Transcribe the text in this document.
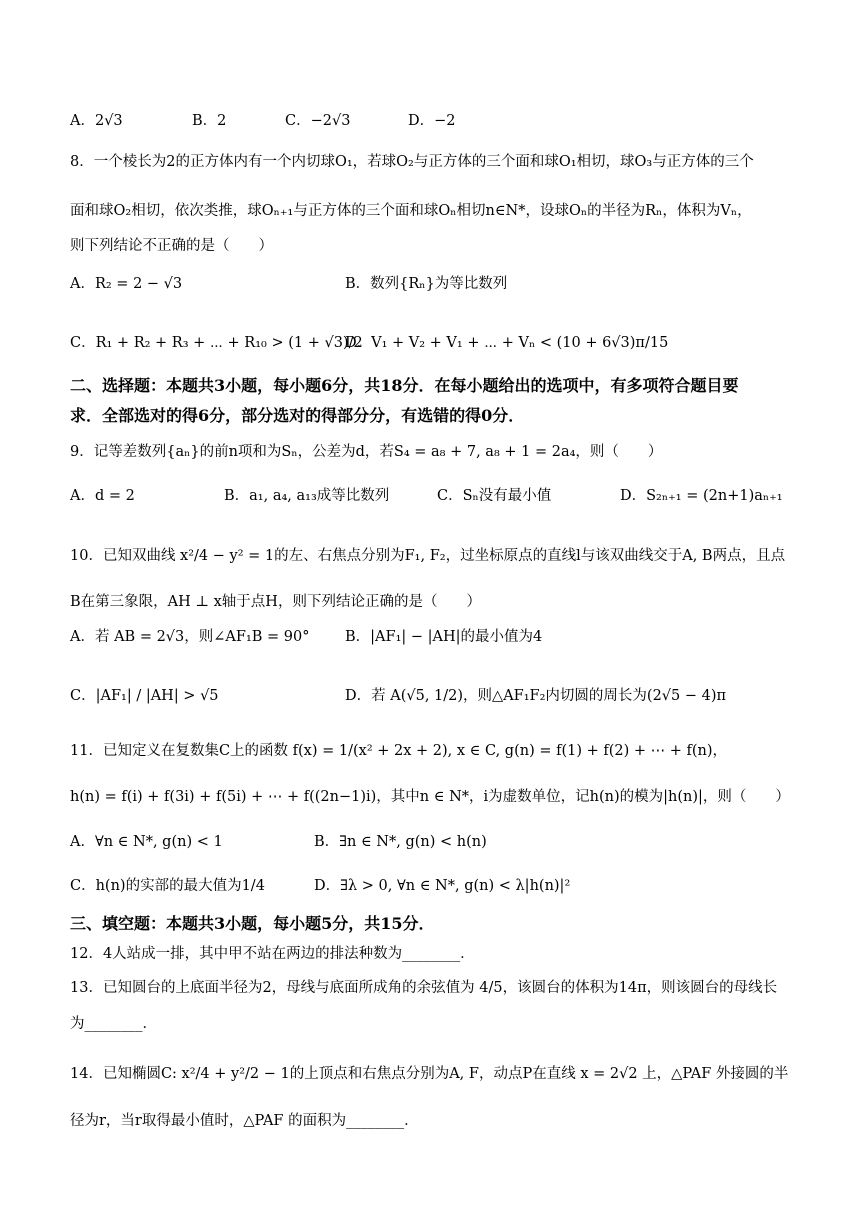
A．2√3	B．2	C．−2√3	D．−2
8．一个棱长为2的正方体内有一个内切球O₁，若球O₂与正方体的三个面和球O₁相切，球O₃与正方体的三个
面和球O₂相切，依次类推，球Oₙ₊₁与正方体的三个面和球Oₙ相切n∈N*，设球Oₙ的半径为Rₙ，体积为Vₙ，
则下列结论不正确的是（　　）
A．R₂ = 2 − √3	B．数列{Rₙ}为等比数列
C．R₁ + R₂ + R₃ + ⋯ + R₁₀ > (1 + √3)/2
D．V₁ + V₂ + V₁ + ⋯ + Vₙ < (10 + 6√3)π/15
二、选择题：本题共3小题，每小题6分，共18分．在每小题给出的选项中，有多项符合题目要
求．全部选对的得6分，部分选对的得部分分，有选错的得0分．
9．记等差数列{aₙ}的前n项和为Sₙ，公差为d，若S₄ = a₈ + 7, a₈ + 1 = 2a₄，则（　　）
A．d = 2	B．a₁, a₄, a₁₃成等比数列	C．Sₙ没有最小值	D．S₂ₙ₊₁ = (2n+1)aₙ₊₁
10．已知双曲线 x²/4 − y² = 1的左、右焦点分别为F₁, F₂，过坐标原点的直线l与该双曲线交于A, B两点，且点
B在第三象限，AH ⊥ x轴于点H，则下列结论正确的是（　　）
A．若 AB = 2√3，则∠AF₁B = 90° B．|AF₁| − |AH|的最小值为4
C．|AF₁| / |AH| > √5	D．若 A(√5, 1/2)，则△AF₁F₂内切圆的周长为(2√5 − 4)π
11．已知定义在复数集C上的函数 f(x) = 1/(x² + 2x + 2), x ∈ C, g(n) = f(1) + f(2) + ⋯ + f(n)，
h(n) = f(i) + f(3i) + f(5i) + ⋯ + f((2n−1)i)，其中n ∈ N*，i为虚数单位，记h(n)的模为|h(n)|，则（　　）
A．∀n ∈ N*, g(n) < 1	B．∃n ∈ N*, g(n) < h(n)
C．h(n)的实部的最大值为1/4	D．∃λ > 0, ∀n ∈ N*, g(n) < λ|h(n)|²
三、填空题：本题共3小题，每小题5分，共15分．
12．4人站成一排，其中甲不站在两边的排法种数为________．
13．已知圆台的上底面半径为2，母线与底面所成角的余弦值为 4/5，该圆台的体积为14π，则该圆台的母线长
为________．
14．已知椭圆C: x²/4 + y²/2 − 1的上顶点和右焦点分别为A, F，动点P在直线 x = 2√2 上，△PAF 外接圆的半
径为r，当r取得最小值时，△PAF 的面积为________．
